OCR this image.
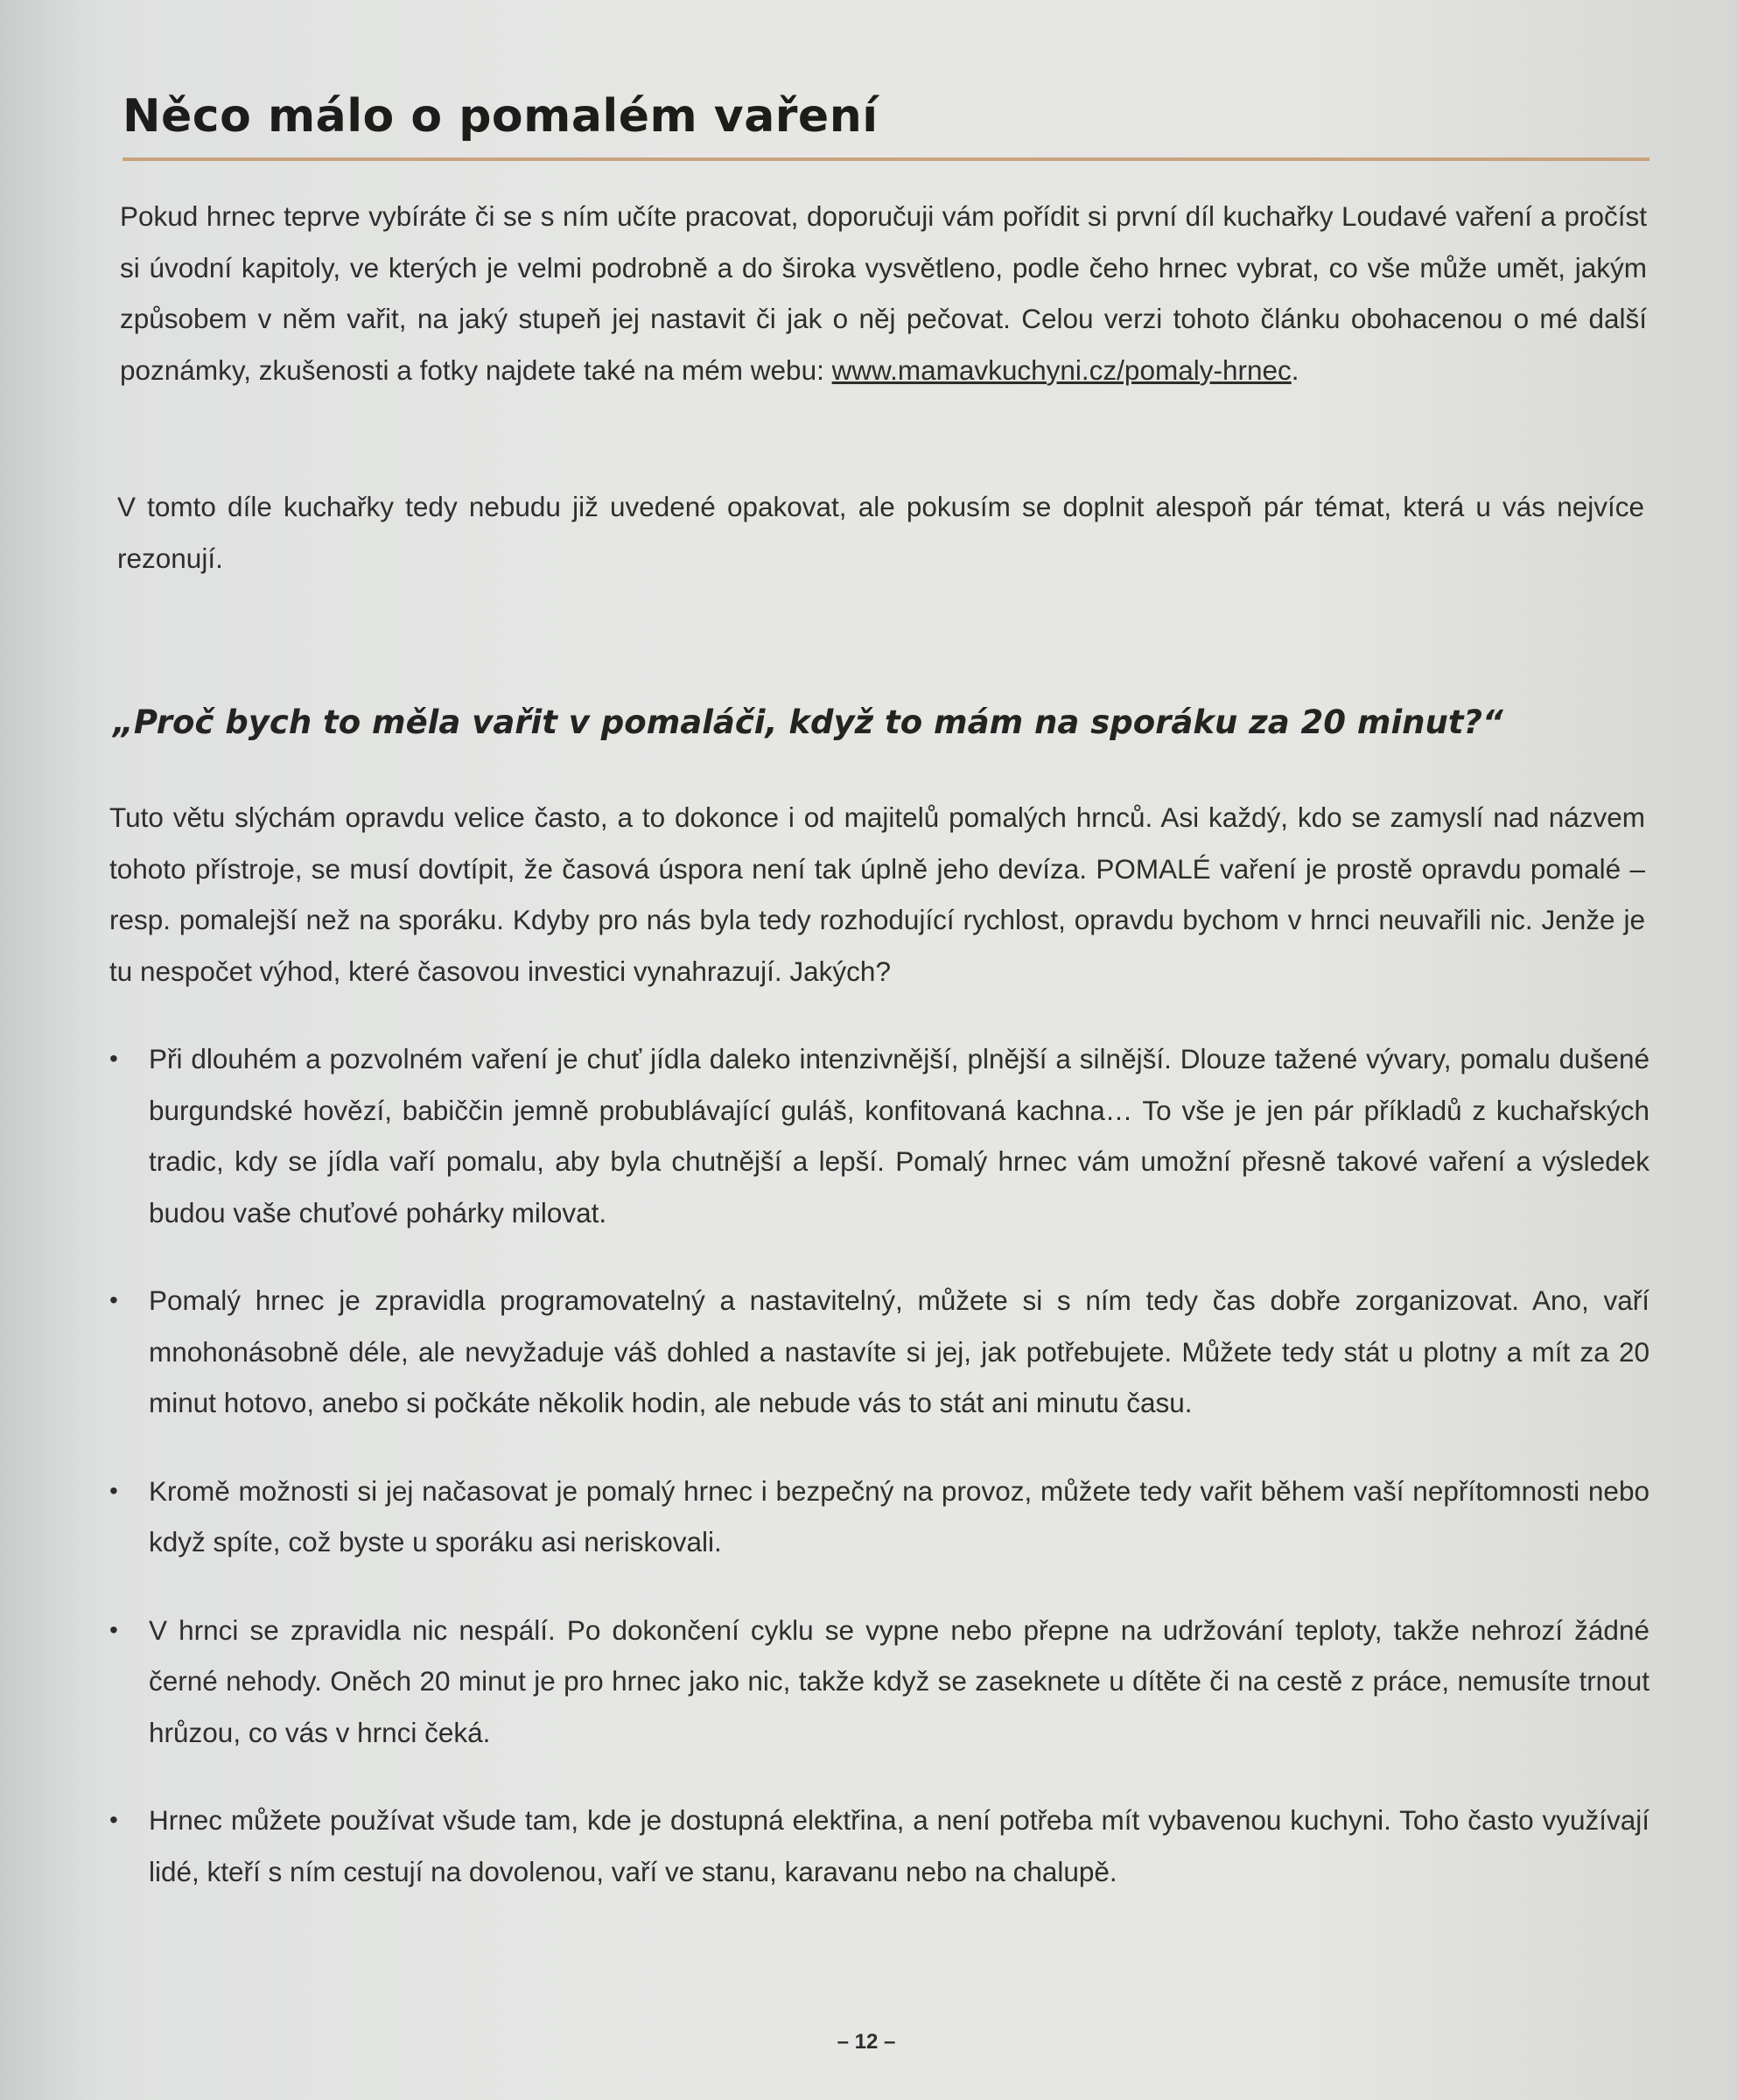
Něco málo o pomalém vaření

Pokud hrnec teprve vybíráte či se s ním učíte pracovat, doporučuji vám pořídit si první díl kuchařky Loudavé vaření a pročíst si úvodní kapitoly, ve kterých je velmi podrobně a do široka vysvětleno, podle čeho hrnec vybrat, co vše může umět, jakým způsobem v něm vařit, na jaký stupeň jej nastavit či jak o něj pečovat. Celou verzi tohoto článku obohacenou o mé další poznámky, zkušenosti a fotky najdete také na mém webu: www.mamavkuchyni.cz/pomaly-hrnec.

V tomto díle kuchařky tedy nebudu již uvedené opakovat, ale pokusím se doplnit alespoň pár témat, která u vás nejvíce rezonují.

„Proč bych to měla vařit v pomaláči, když to mám na sporáku za 20 minut?“

Tuto větu slýchám opravdu velice často, a to dokonce i od majitelů pomalých hrnců. Asi každý, kdo se zamyslí nad názvem tohoto přístroje, se musí dovtípit, že časová úspora není tak úplně jeho devíza. POMALÉ vaření je prostě opravdu pomalé – resp. pomalejší než na sporáku. Kdyby pro nás byla tedy rozhodující rychlost, opravdu bychom v hrnci neuvařili nic. Jenže je tu nespočet výhod, které časovou investici vynahrazují. Jakých?

• Při dlouhém a pozvolném vaření je chuť jídla daleko intenzivnější, plnější a silnější. Dlouze tažené vývary, pomalu dušené burgundské hovězí, babiččin jemně probublávající guláš, konfitovaná kachna… To vše je jen pár příkladů z kuchařských tradic, kdy se jídla vaří pomalu, aby byla chutnější a lepší. Pomalý hrnec vám umožní přesně takové vaření a výsledek budou vaše chuťové pohárky milovat.
• Pomalý hrnec je zpravidla programovatelný a nastavitelný, můžete si s ním tedy čas dobře zorganizovat. Ano, vaří mnohonásobně déle, ale nevyžaduje váš dohled a nastavíte si jej, jak potřebujete. Můžete tedy stát u plotny a mít za 20 minut hotovo, anebo si počkáte několik hodin, ale nebude vás to stát ani minutu času.
• Kromě možnosti si jej načasovat je pomalý hrnec i bezpečný na provoz, můžete tedy vařit během vaší nepřítomnosti nebo když spíte, což byste u sporáku asi neriskovali.
• V hrnci se zpravidla nic nespálí. Po dokončení cyklu se vypne nebo přepne na udržování teploty, takže nehrozí žádné černé nehody. Oněch 20 minut je pro hrnec jako nic, takže když se zaseknete u dítěte či na cestě z práce, nemusíte trnout hrůzou, co vás v hrnci čeká.
• Hrnec můžete používat všude tam, kde je dostupná elektřina, a není potřeba mít vybavenou kuchyni. Toho často využívají lidé, kteří s ním cestují na dovolenou, vaří ve stanu, karavanu nebo na chalupě.
– 12 –
